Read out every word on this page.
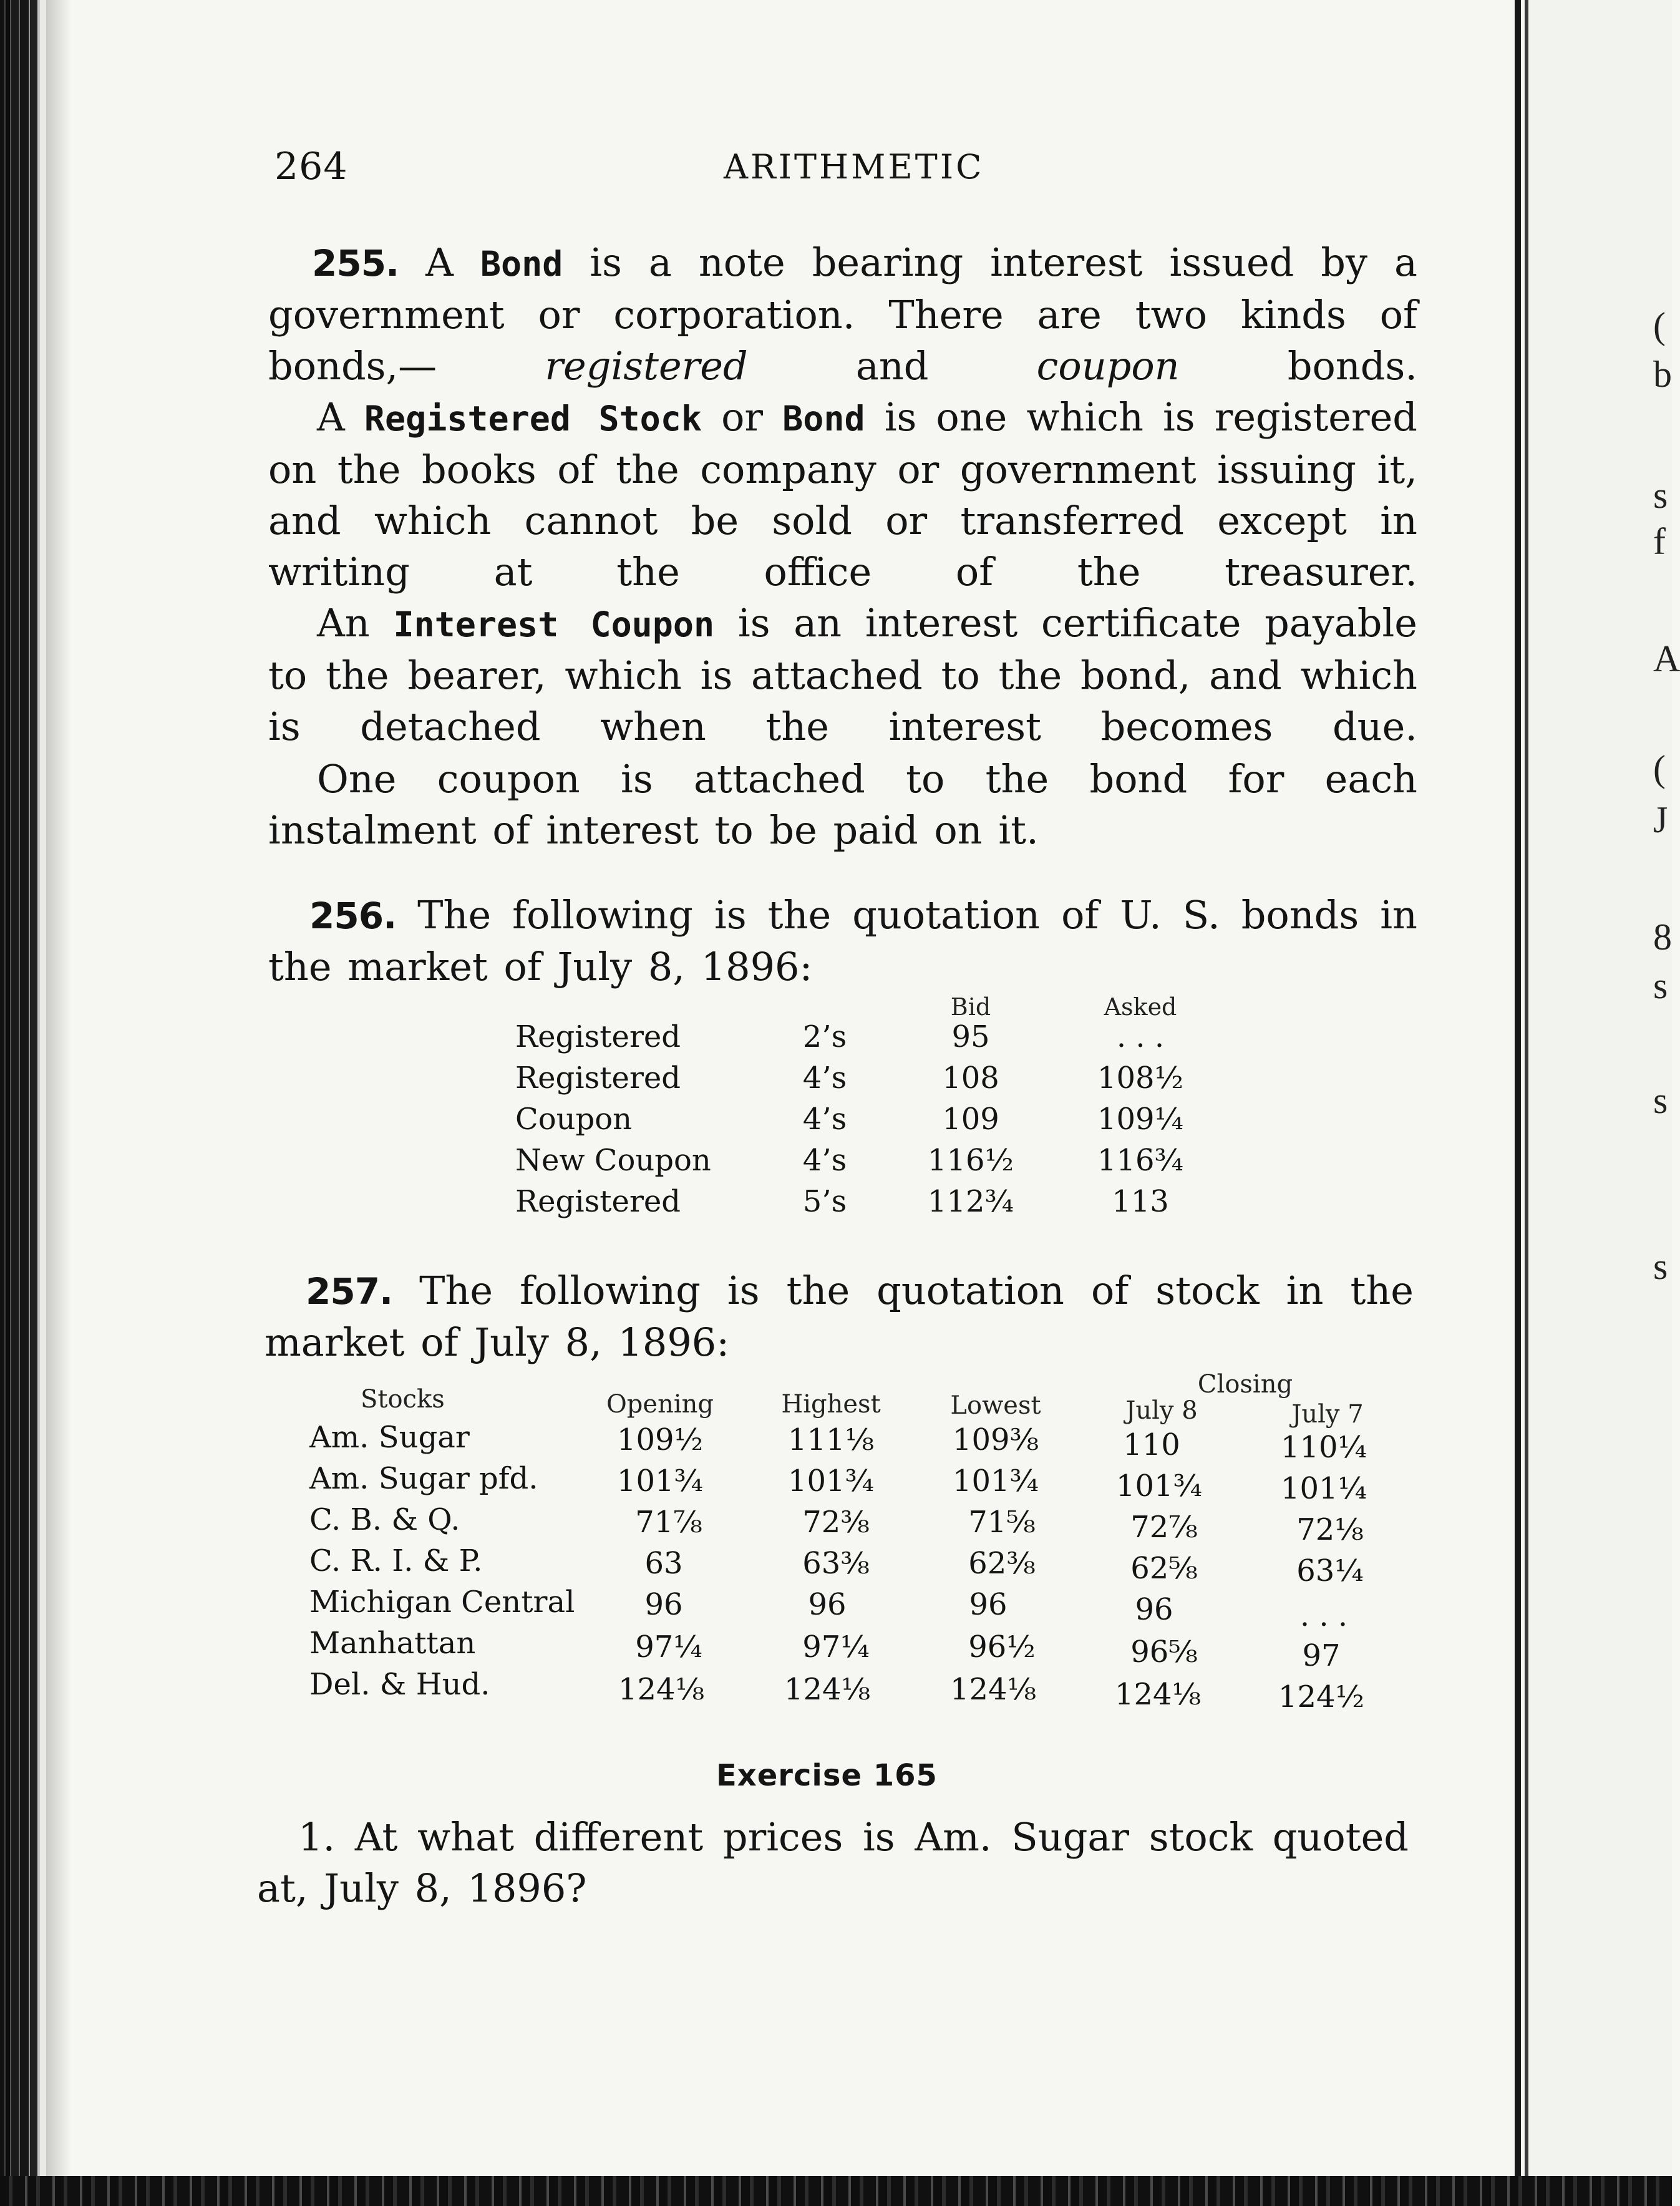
(
b
s
f
A
(
J
8
s
s
s
264	ARITHMETIC
255. A Bond is a note bearing interest issued by a government or corporation. There are two kinds of bonds,—	registered	and	coupon	bonds.
A Registered Stock or Bond is one which is registered on the books of the company or government issuing it, and which cannot be sold or transferred except in writing at the office of the treasurer.
An Interest Coupon is an interest certificate payable to the bearer, which is attached to the bond, and which is detached when the interest becomes due.
One coupon is attached to the bond for each instalment of interest to be paid on it.
256. The following is the quotation of U. S. bonds in the market of July 8, 1896:
Bid	Asked
Registered	2’s	95	. . .
Registered	4’s	108	108½
Coupon	4’s	109	109¼
New Coupon	4’s	116½	116¾
Registered	5’s	112¾	113
257. The following is the quotation of stock in the market of July 8, 1896:
Stocks	Opening	Highest	Lowest
Closing
July 8	July 7
Am. Sugar	109½	111⅛	109⅜	110	110¼
Am. Sugar pfd.	101¾	101¾	101¾	101¾	101¼
C. B. & Q.	71⅞	72⅜	71⅝	72⅞	72⅛
C. R. I. & P.	63	63⅜	62⅜	62⅝	63¼
Michigan Central 96	96	96	96	. . .
Manhattan	97¼	97¼	96½	96⅝	97
Del. & Hud.	124⅛	124⅛	124⅛	124⅛	124½
Exercise 165
1. At what different prices is Am. Sugar stock quoted at, July 8, 1896?
